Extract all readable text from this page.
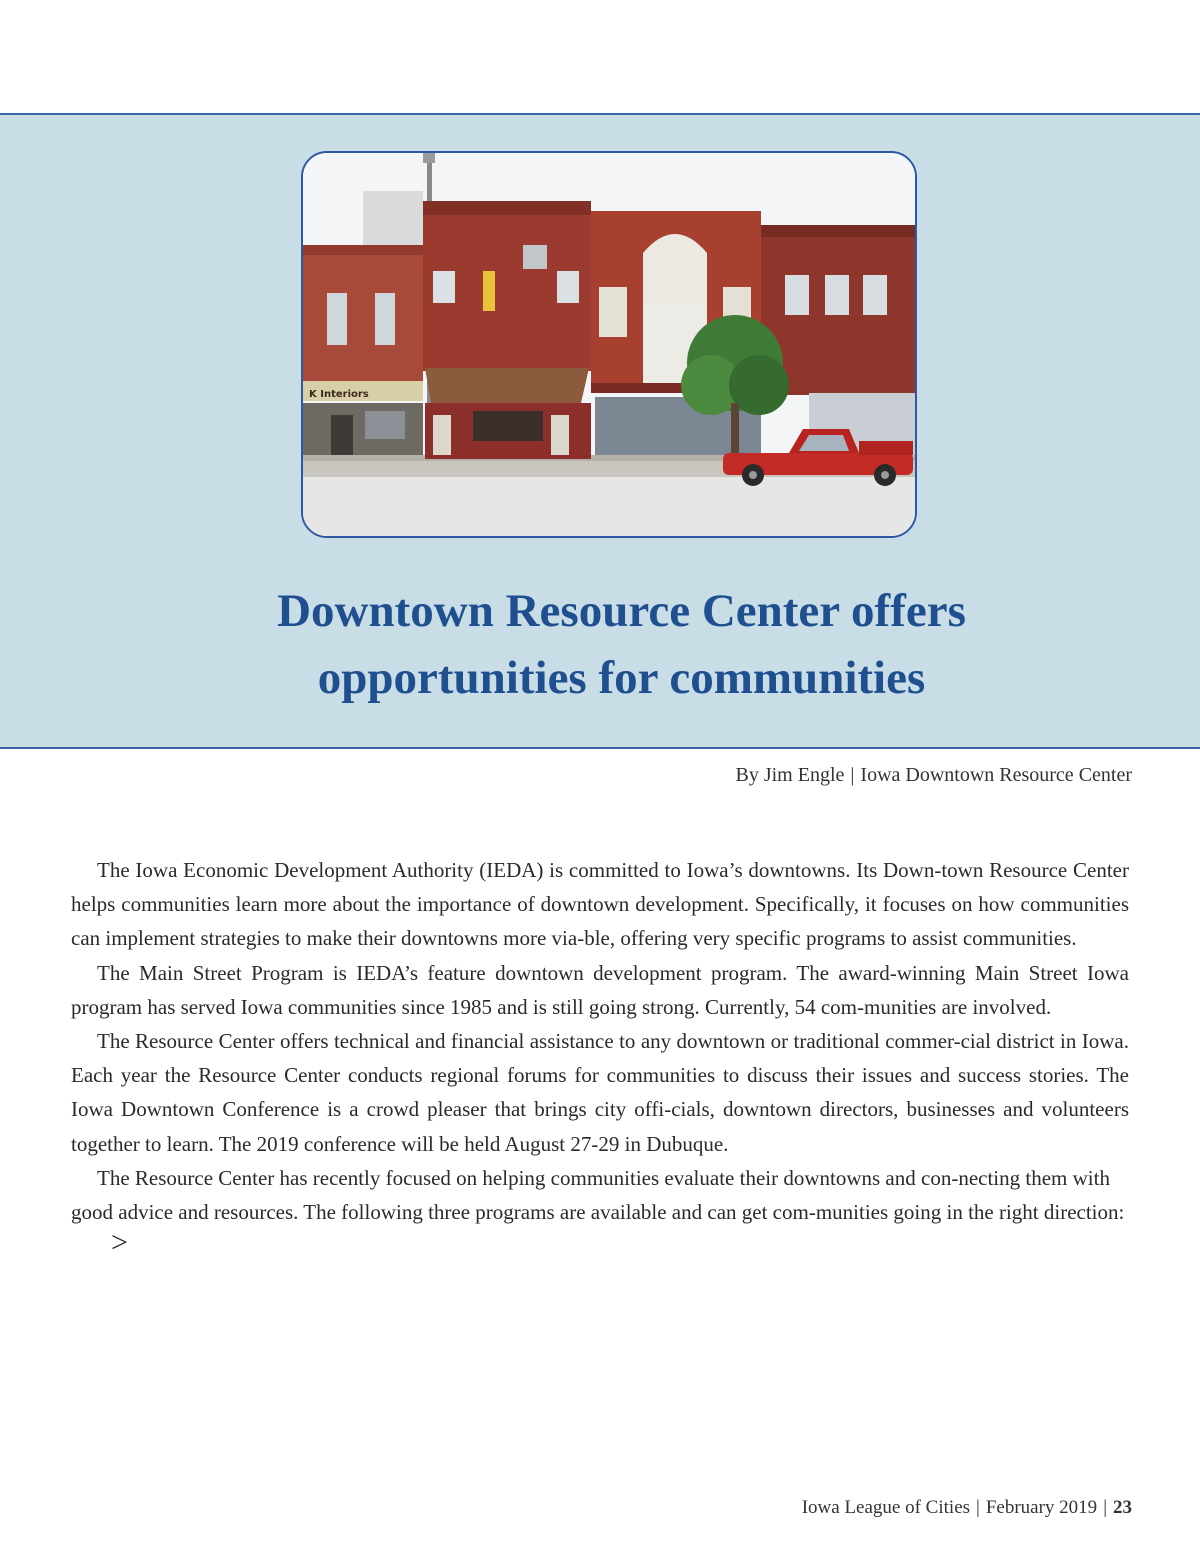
K Interiors
Downtown Resource Center offers
opportunities for communities
By Jim Engle | Iowa Downtown Resource Center

The Iowa Economic Development Authority (IEDA) is committed to Iowa’s downtowns. Its Down-town Resource Center helps communities learn more about the importance of downtown development. Specifically, it focuses on how communities can implement strategies to make their downtowns more via-ble, offering very specific programs to assist communities.

The Main Street Program is IEDA’s feature downtown development program. The award-winning Main Street Iowa program has served Iowa communities since 1985 and is still going strong. Currently, 54 com-munities are involved.

The Resource Center offers technical and financial assistance to any downtown or traditional commer-cial district in Iowa. Each year the Resource Center conducts regional forums for communities to discuss their issues and success stories. The Iowa Downtown Conference is a crowd pleaser that brings city offi-cials, downtown directors, businesses and volunteers together to learn. The 2019 conference will be held August 27-29 in Dubuque.

The Resource Center has recently focused on helping communities evaluate their downtowns and con-necting them with good advice and resources. The following three programs are available and can get com-munities going in the right direction:>

Iowa League of Cities | February 2019 | 23
